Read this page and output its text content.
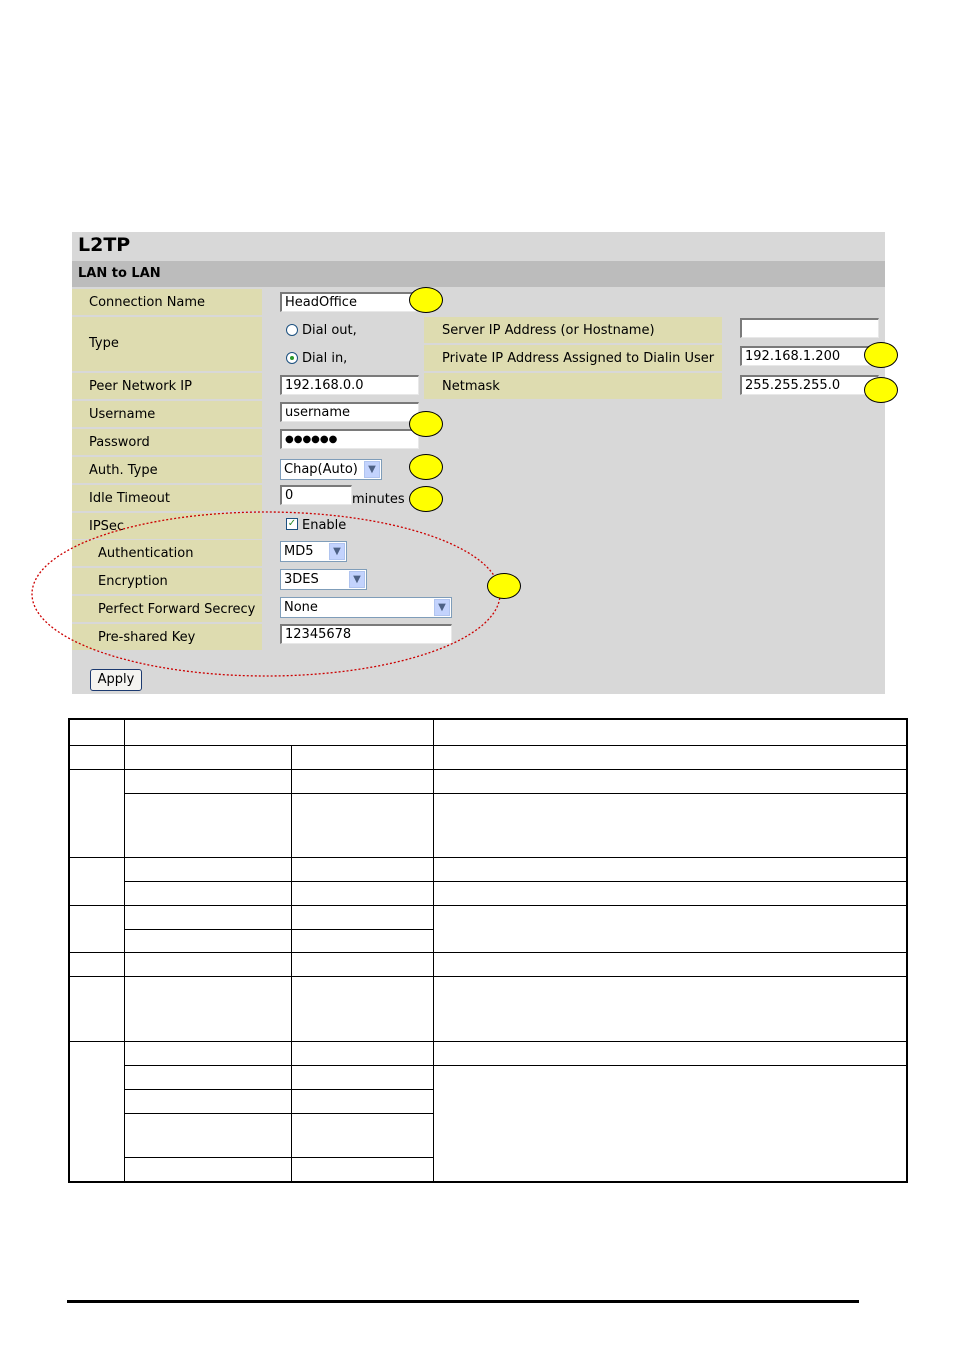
L2TP
LAN to LAN
Connection Name	HeadOffice
Type
Dial out,
Dial in,
Server IP Address (or Hostname)
Private IP Address Assigned to Dialin User	192.168.1.200
Peer Network IP	192.168.0.0	Netmask	255.255.255.0
Username	username
Password	●●●●●●
Auth. Type	Chap(Auto)	▼
Idle Timeout	0	minutes
IPSec	✓ Enable
Authentication	MD5	▼
Encryption	3DES	▼
Perfect Forward Secrecy	None	▼
Pre-shared Key	12345678
Apply
